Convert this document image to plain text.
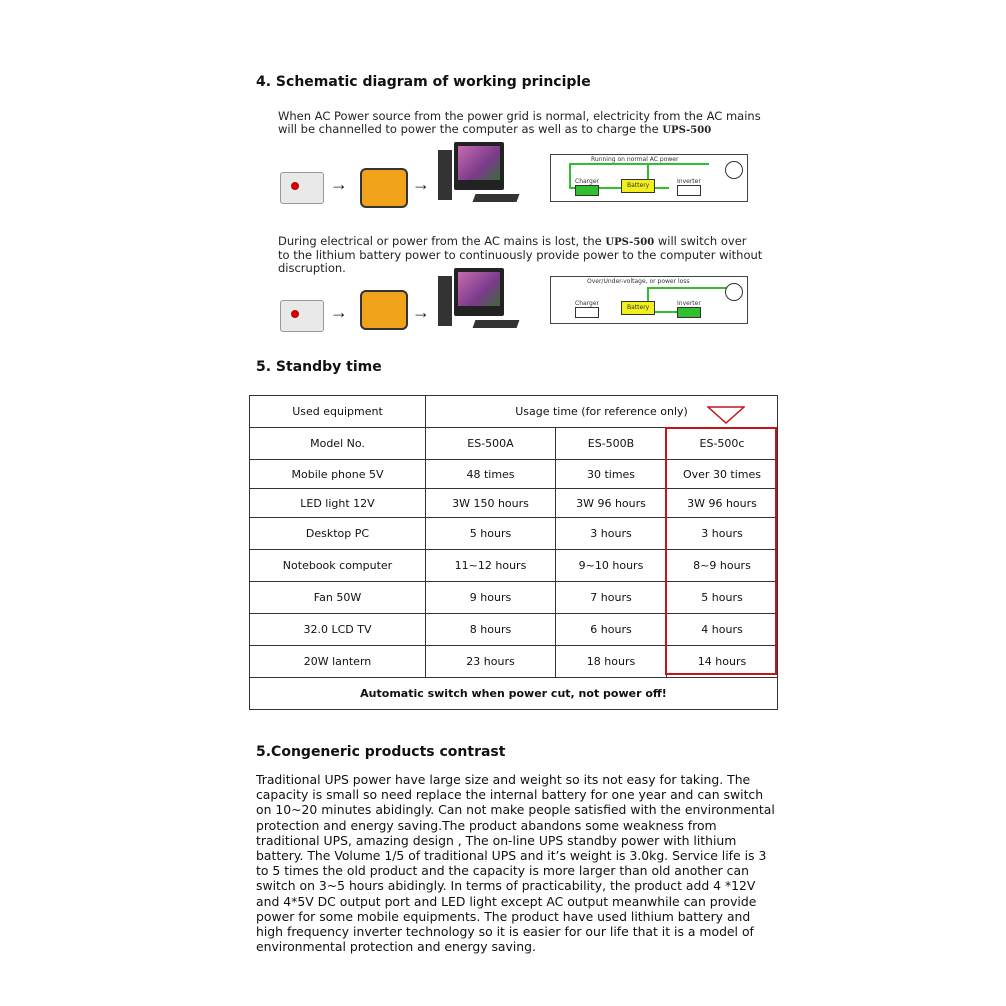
4. Schematic diagram of working principle
When AC Power source from the power grid is normal, electricity from the AC mains
will be channelled to power the computer as well as to charge the UPS-500
→	→
Running on normal AC power
Charger
Battery
Inverter
During electrical or power from the AC mains is lost, the UPS-500 will switch over
to the lithium battery power to continuously provide power to the computer without
discruption.
→	→
Over/Under-voltage, or power loss
Charger
Battery
Inverter
5. Standby time
Used equipment	Usage time (for reference only)		
Model No.	ES-500A	ES-500B	ES-500c
Mobile phone 5V	48 times	30 times	Over 30 times
LED light 12V	3W 150 hours	3W 96 hours	3W 96 hours
Desktop PC	5 hours	3 hours	3 hours
Notebook computer	11~12 hours	9~10 hours	8~9 hours
Fan 50W	9 hours	7 hours	5 hours
32.0 LCD TV	8 hours	6 hours	4 hours
20W lantern	23 hours	18 hours	14 hours
Automatic switch when power cut, not power off!			
5.Congeneric products contrast

Traditional UPS power have large size and weight so its not easy for taking. The capacity is small so need replace the internal battery for one year and can switch on 10~20 minutes abidingly. Can not make people satisfied with the environmental protection and energy saving.The product abandons some weakness from traditional UPS, amazing design , The on-line UPS standby power with lithium battery. The Volume 1/5 of traditional UPS and it’s weight is 3.0kg. Service life is 3 to 5 times the old product and the capacity is more larger than old another can switch on 3~5 hours abidingly. In terms of practicability, the product add 4 *12V and 4*5V DC output port and LED light except AC output meanwhile can provide power for some mobile equipments. The product have used lithium battery and high frequency inverter technology so it is easier for our life that it is a model of environmental protection and energy saving.
